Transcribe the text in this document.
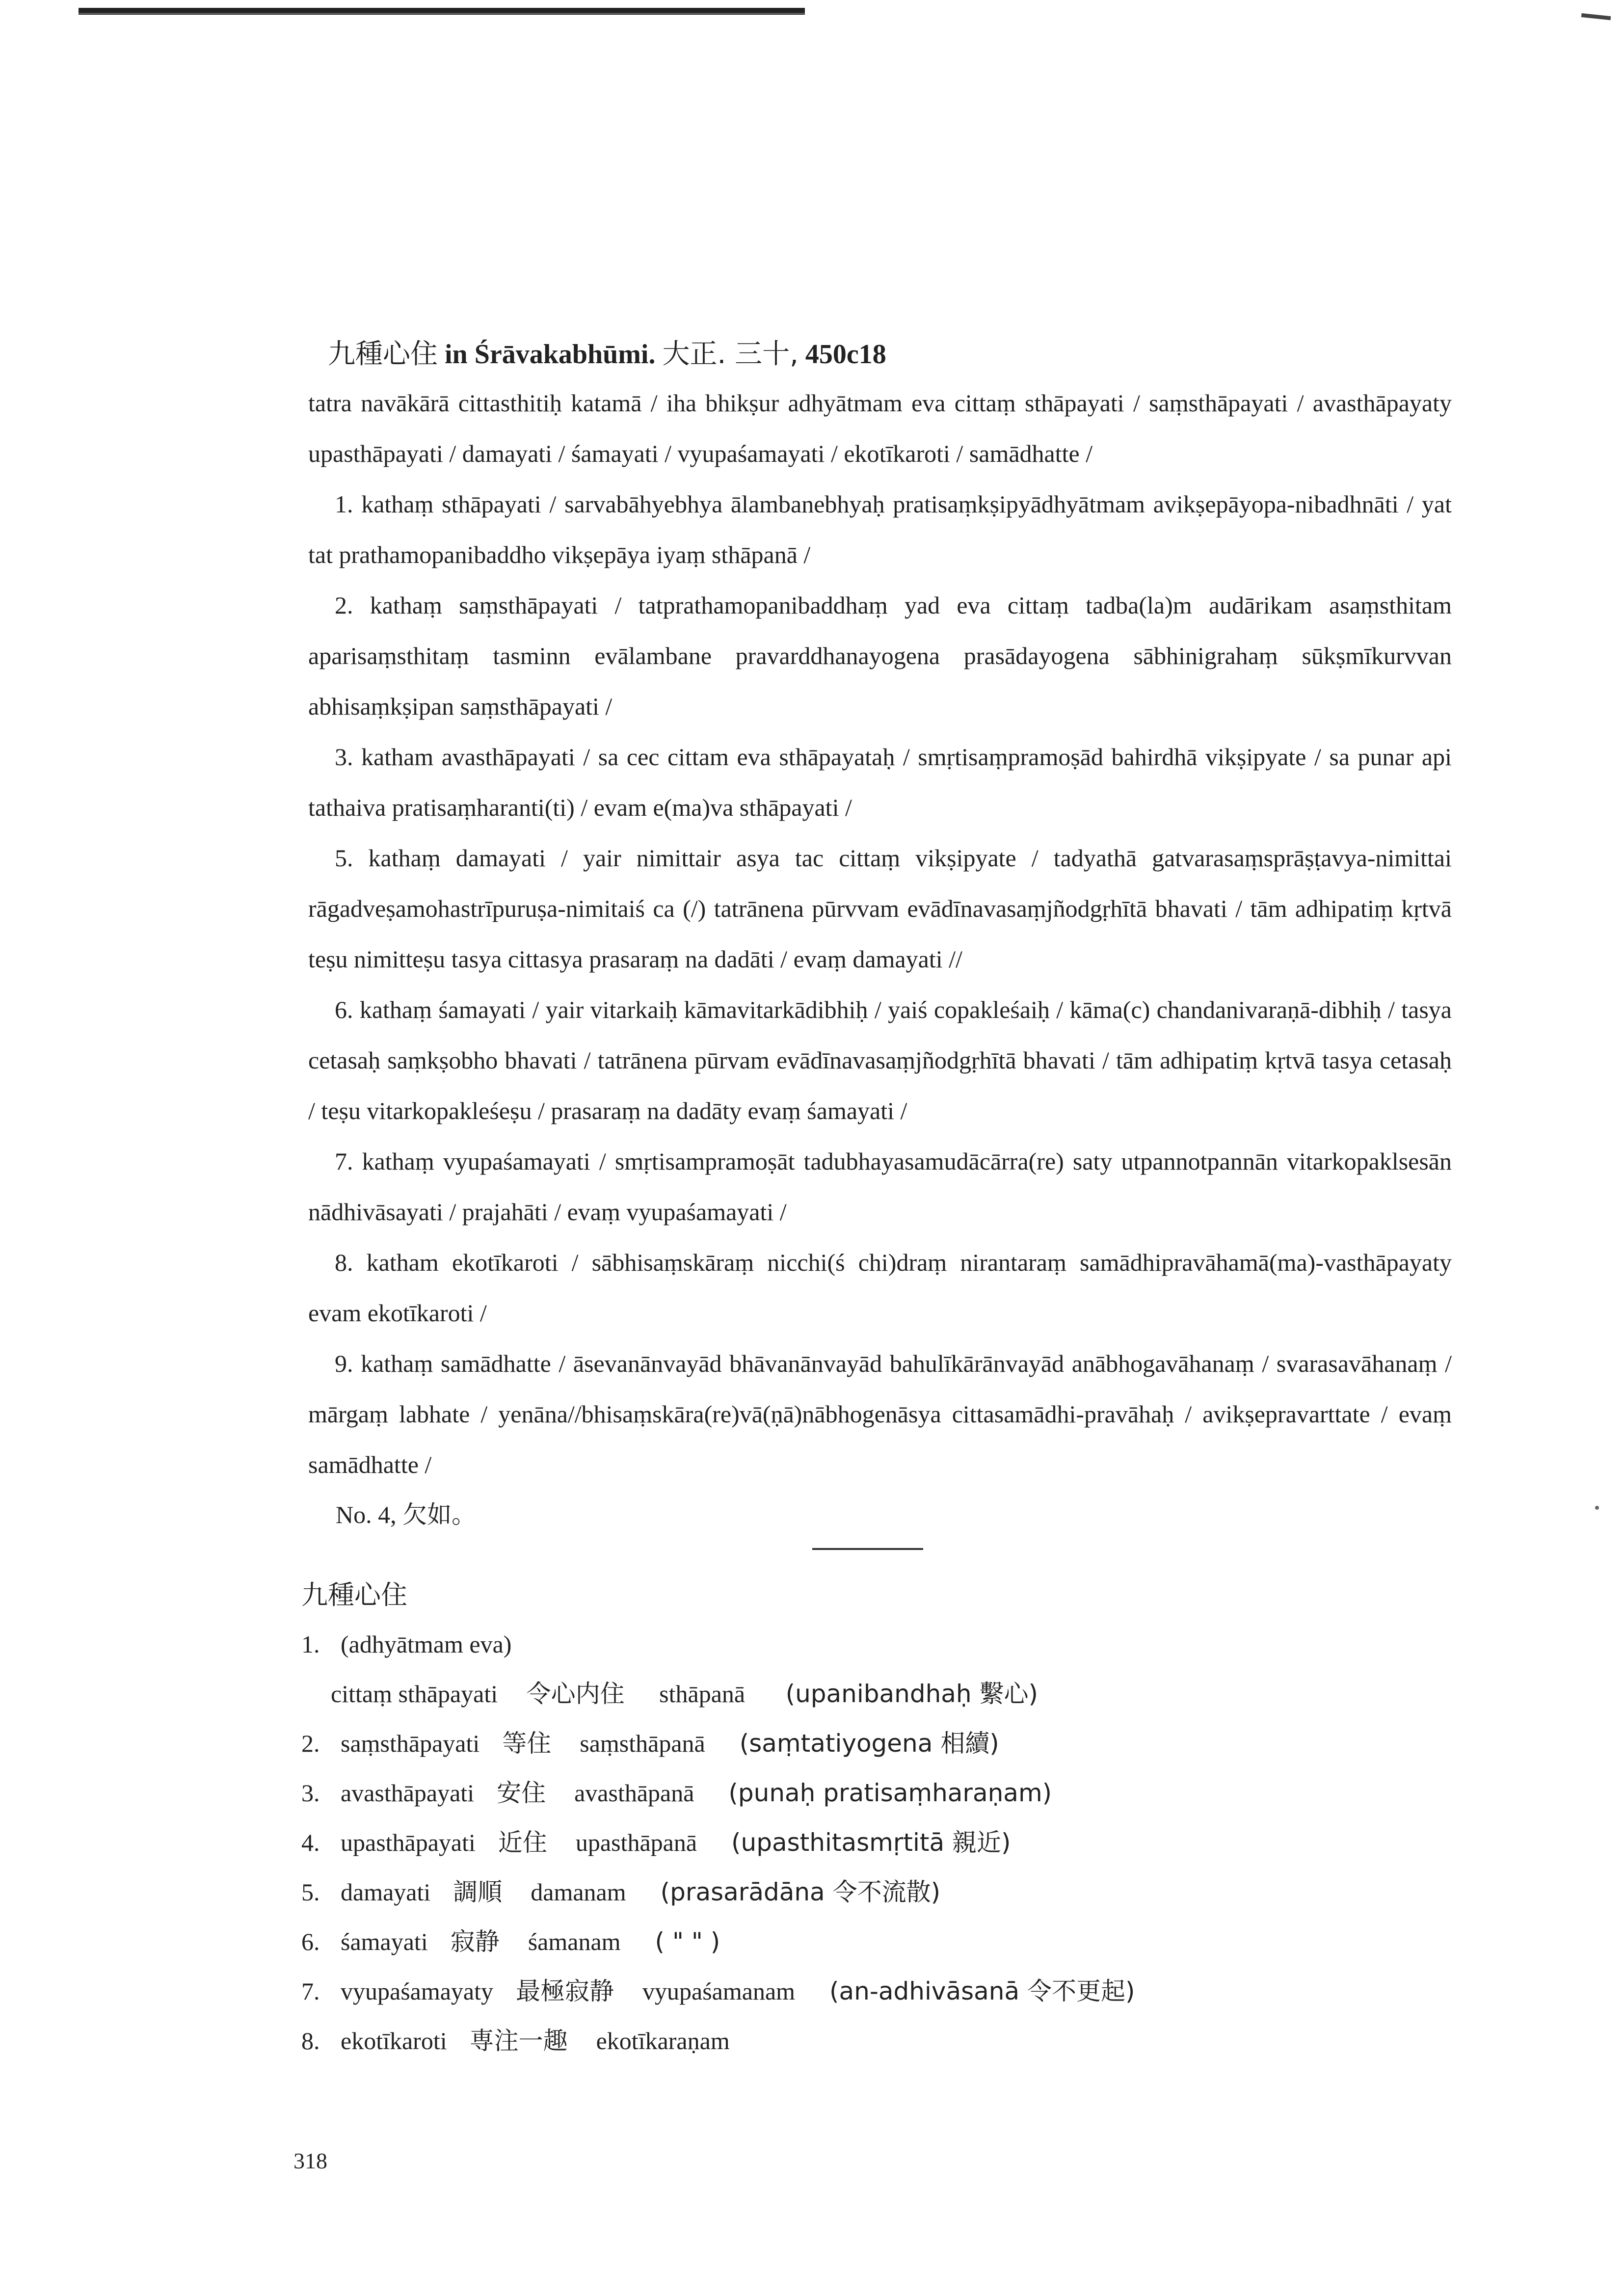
九種心住 in Śrāvakabhūmi. 大正. 三十, 450c18
tatra navākārā cittasthitiḥ katamā / iha bhikṣur adhyātmam eva cittaṃ sthāpayati / saṃsthāpayati / avasthāpayaty upasthāpayati / damayati / śamayati / vyupaśamayati / ekotīkaroti / samādhatte /
1. kathaṃ sthāpayati / sarvabāhyebhya ālambanebhyaḥ pratisaṃkṣipyādhyātmam avikṣepāyopa-nibadhnāti / yat tat prathamopanibaddho vikṣepāya iyaṃ sthāpanā /
2. kathaṃ saṃsthāpayati / tatprathamopanibaddhaṃ yad eva cittaṃ tadba(la)m audārikam asaṃsthitam aparisaṃsthitaṃ tasminn evālambane pravarddhanayogena prasādayogena sābhinigrahaṃ sūkṣmīkurvvan abhisaṃkṣipan saṃsthāpayati /
3. katham avasthāpayati / sa cec cittam eva sthāpayataḥ / smṛtisaṃpramoṣād bahirdhā vikṣipyate / sa punar api tathaiva pratisaṃharanti(ti) / evam e(ma)va sthāpayati /
5. kathaṃ damayati / yair nimittair asya tac cittaṃ vikṣipyate / tadyathā gatvarasaṃsprāṣṭavya-nimittai rāgadveṣamohastrīpuruṣa-nimitaiś ca (/) tatrānena pūrvvam evādīnavasaṃjñodgṛhītā bhavati / tām adhipatiṃ kṛtvā teṣu nimitteṣu tasya cittasya prasaraṃ na dadāti / evaṃ damayati //
6. kathaṃ śamayati / yair vitarkaiḥ kāmavitarkādibhiḥ / yaiś copakleśaiḥ / kāma(c) chandanivaraṇā-dibhiḥ / tasya cetasaḥ saṃkṣobho bhavati / tatrānena pūrvam evādīnavasaṃjñodgṛhītā bhavati / tām adhipatiṃ kṛtvā tasya cetasaḥ / teṣu vitarkopakleśeṣu / prasaraṃ na dadāty evaṃ śamayati /
7. kathaṃ vyupaśamayati / smṛtisampramoṣāt tadubhayasamudācārra(re) saty utpannotpannān vitarkopaklsesān nādhivāsayati / prajahāti / evaṃ vyupaśamayati /
8. katham ekotīkaroti / sābhisaṃskāraṃ nicchi(ś chi)draṃ nirantaraṃ samādhipravāhamā(ma)-vasthāpayaty evam ekotīkaroti /
9. kathaṃ samādhatte / āsevanānvayād bhāvanānvayād bahulīkārānvayād anābhogavāhanaṃ / svarasavāhanaṃ / mārgaṃ labhate / yenāna//bhisaṃskāra(re)vā(ṇā)nābhogenāsya cittasamādhi-pravāhaḥ / avikṣepravarttate / evaṃ samādhatte /
No. 4, 欠如。
九種心住
1. (adhyātmam eva)
cittaṃ sthāpayati 令心内住 sthāpanā (upanibandhaḥ 繫心)
2. saṃsthāpayati 等住 saṃsthāpanā (saṃtatiyogena 相續)
3. avasthāpayati 安住 avasthāpanā (punaḥ pratisaṃharaṇam)
4. upasthāpayati 近住 upasthāpanā (upasthitasmṛtitā 親近)
5. damayati 調順 damanam (prasarādāna 令不流散)
6. śamayati 寂静 śamanam ( " " )
7. vyupaśamayaty 最極寂静 vyupaśamanam (an-adhivāsanā 令不更起)
8. ekotīkaroti 専注一趣 ekotīkaraṇam
318
